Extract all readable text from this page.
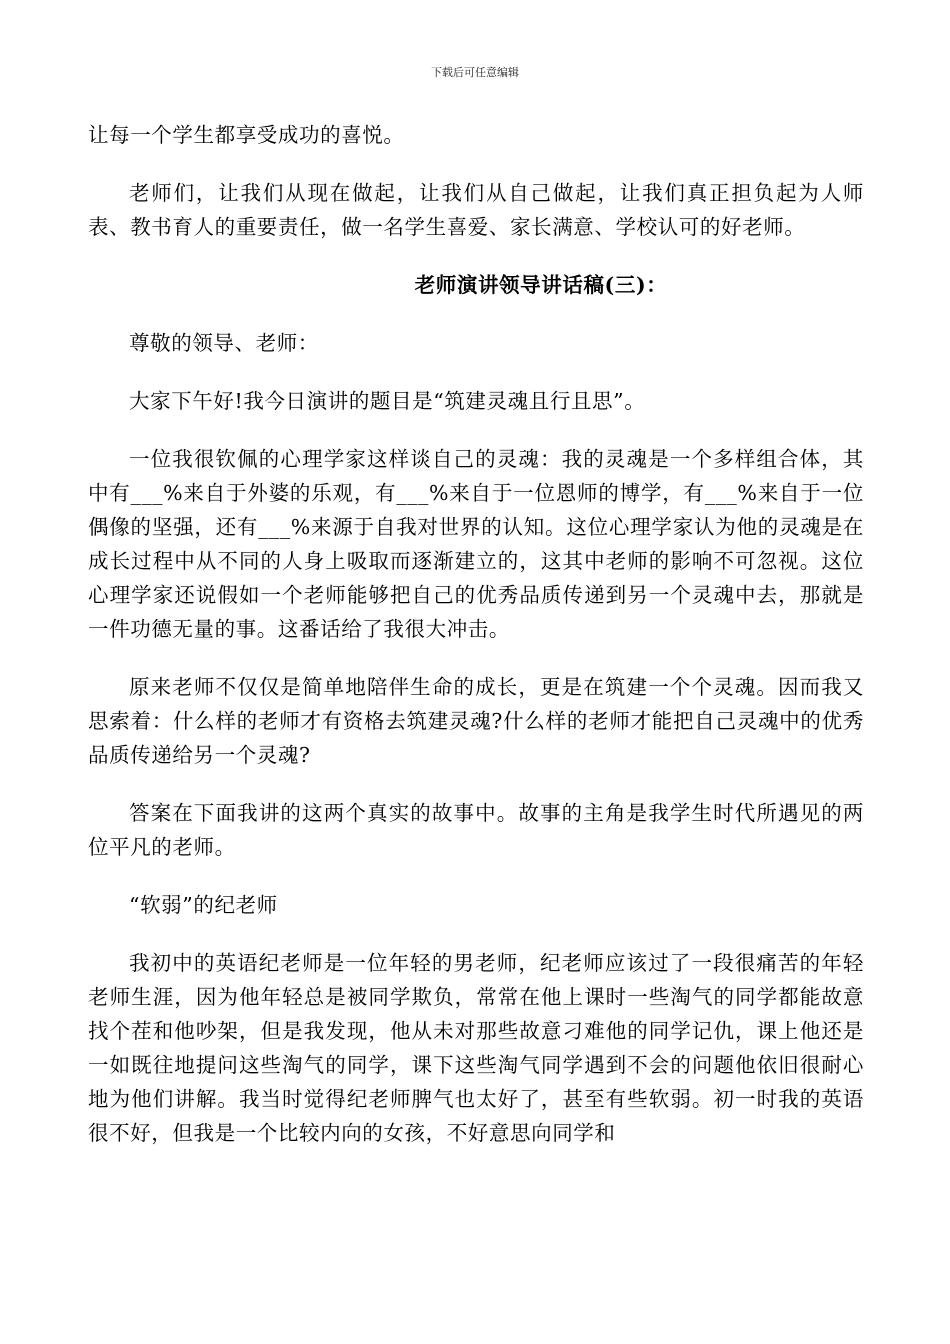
下载后可任意编辑

让每一个学生都享受成功的喜悦。

老师们，让我们从现在做起，让我们从自己做起，让我们真正担负起为人师表、教书育人的重要责任，做一名学生喜爱、家长满意、学校认可的好老师。

老师演讲领导讲话稿(三)：

尊敬的领导、老师：

大家下午好!我今日演讲的题目是“筑建灵魂且行且思”。

一位我很钦佩的心理学家这样谈自己的灵魂：我的灵魂是一个多样组合体，其中有___%来自于外婆的乐观，有___%来自于一位恩师的博学，有___%来自于一位偶像的坚强，还有___%来源于自我对世界的认知。这位心理学家认为他的灵魂是在成长过程中从不同的人身上吸取而逐渐建立的，这其中老师的影响不可忽视。这位心理学家还说假如一个老师能够把自己的优秀品质传递到另一个灵魂中去，那就是一件功德无量的事。这番话给了我很大冲击。

原来老师不仅仅是简单地陪伴生命的成长，更是在筑建一个个灵魂。因而我又思索着：什么样的老师才有资格去筑建灵魂?什么样的老师才能把自己灵魂中的优秀品质传递给另一个灵魂?

答案在下面我讲的这两个真实的故事中。故事的主角是我学生时代所遇见的两位平凡的老师。

“软弱”的纪老师

我初中的英语纪老师是一位年轻的男老师，纪老师应该过了一段很痛苦的年轻老师生涯，因为他年轻总是被同学欺负，常常在他上课时一些淘气的同学都能故意找个茬和他吵架，但是我发现，他从未对那些故意刁难他的同学记仇，课上他还是一如既往地提问这些淘气的同学，课下这些淘气同学遇到不会的问题他依旧很耐心地为他们讲解。我当时觉得纪老师脾气也太好了，甚至有些软弱。初一时我的英语很不好，但我是一个比较内向的女孩，不好意思向同学和
